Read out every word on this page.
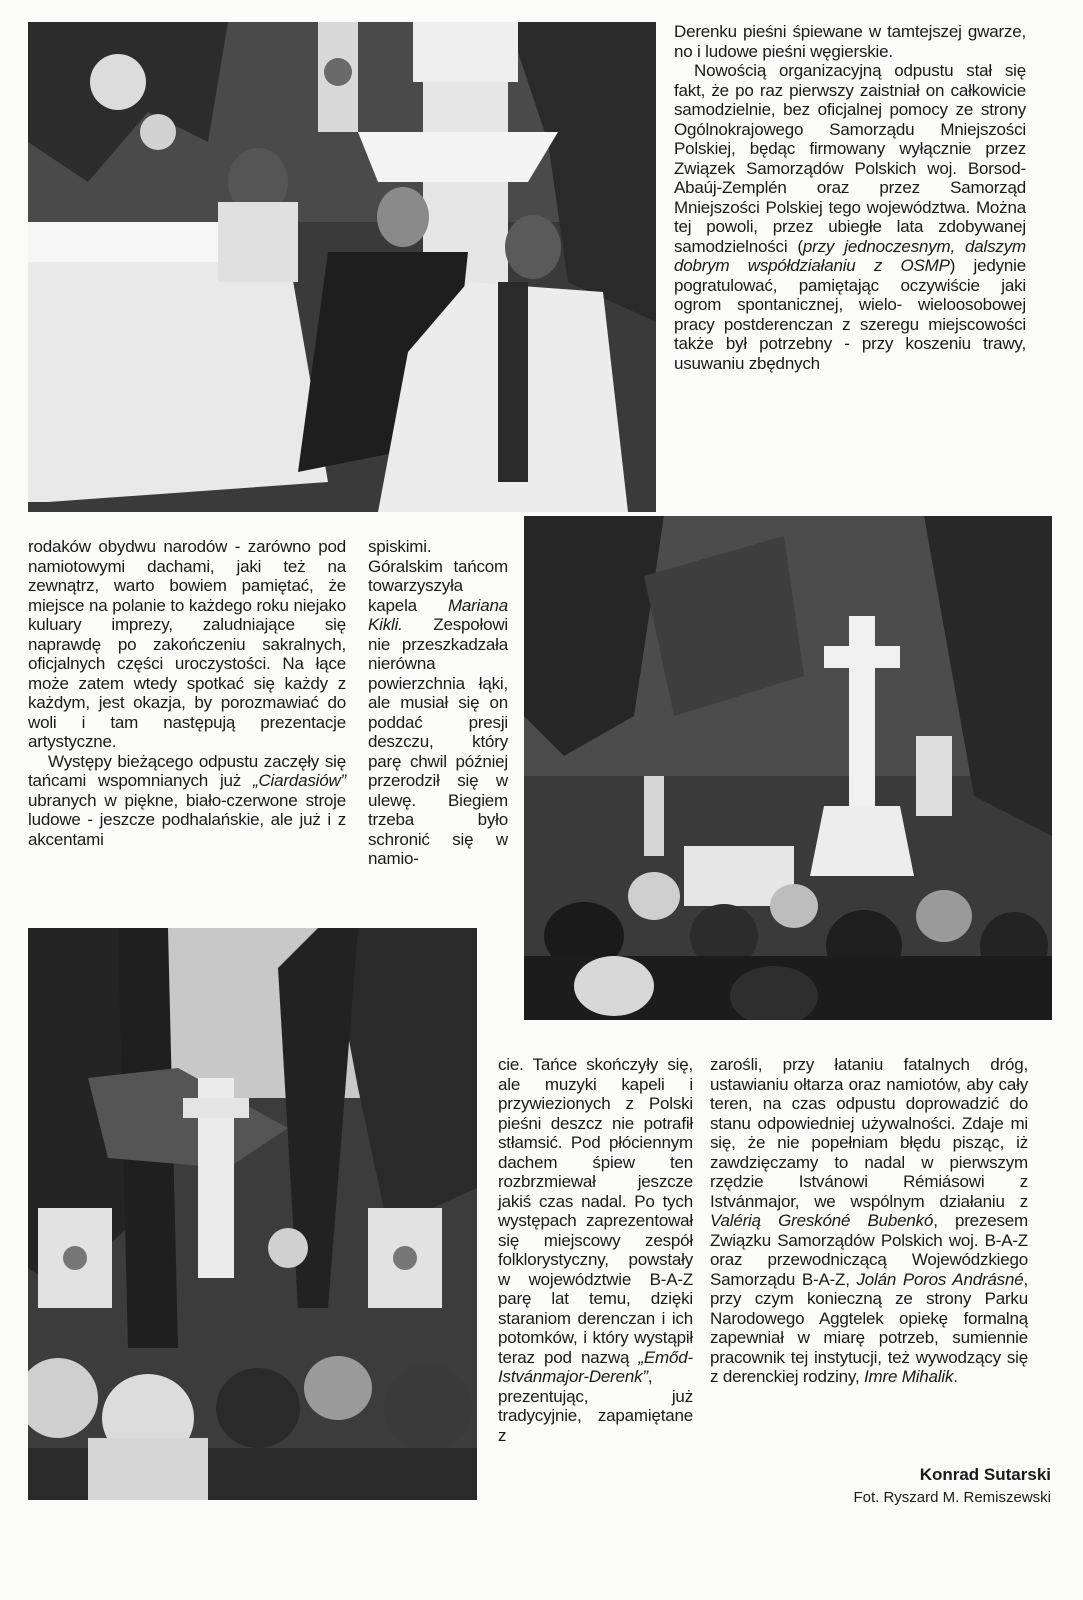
Derenku pieśni śpiewane w tamtejszej gwarze, no i ludowe pieśni węgierskie.

Nowością organizacyjną odpustu stał się fakt, że po raz pierwszy zaistniał on całkowicie samodzielnie, bez oficjalnej pomocy ze strony Ogólnokrajowego Samorządu Mniejszości Polskiej, będąc firmowany wyłącznie przez Związek Samorządów Polskich woj. Borsod-Abaúj-Zemplén oraz przez Samorząd Mniejszości Polskiej tego województwa. Można tej powoli, przez ubiegłe lata zdobywanej samodzielności (przy jednoczesnym, dalszym dobrym współdziałaniu z OSMP) jedynie pogratulować, pamiętając oczywiście jaki ogrom spontanicznej, wielo- wieloosobowej pracy postderenczan z szeregu miejscowości także był potrzebny - przy koszeniu trawy, usuwaniu zbędnych

rodaków obydwu narodów - zarówno pod namiotowymi dachami, jaki też na zewnątrz, warto bowiem pamiętać, że miejsce na polanie to każdego roku niejako kuluary imprezy, zaludniające się naprawdę po zakończeniu sakralnych, oficjalnych części uroczystości. Na łące może zatem wtedy spotkać się każdy z każdym, jest okazja, by porozmawiać do woli i tam następują prezentacje artystyczne.

Występy bieżącego odpustu zaczęły się tańcami wspomnianych już „Ciardasiów” ubranych w piękne, biało-czerwone stroje ludowe - jeszcze podhalańskie, ale już i z akcentami

spiskimi. Góralskim tańcom towarzyszyła kapela Mariana Kikli. Zespołowi nie przeszkadzała nierówna powierzchnia łąki, ale musiał się on poddać presji deszczu, który parę chwil później przerodził się w ulewę. Biegiem trzeba było schronić się w namio-

cie. Tańce skończyły się, ale muzyki kapeli i przywiezionych z Polski pieśni deszcz nie potrafił stłamsić. Pod płóciennym dachem śpiew ten rozbrzmiewał jeszcze jakiś czas nadal. Po tych występach zaprezentował się miejscowy zespół folklorystyczny, powstały w województwie B-A-Z parę lat temu, dzięki staraniom derenczan i ich potomków, i który wystąpił teraz pod nazwą „Emőd-Istvánmajor-Derenk”, prezentując, już tradycyjnie, zapamiętane z

zarośli, przy łataniu fatalnych dróg, ustawianiu ołtarza oraz namiotów, aby cały teren, na czas odpustu doprowadzić do stanu odpowiedniej używalności. Zdaje mi się, że nie popełniam błędu pisząc, iż zawdzięczamy to nadal w pierwszym rzędzie Istvánowi Rémiásowi z Istvánmajor, we wspólnym działaniu z Valérią Greskóné Bubenkó, prezesem Związku Samorządów Polskich woj. B-A-Z oraz przewodniczącą Wojewódzkiego Samorządu B-A-Z, Jolán Poros Andrásné, przy czym konieczną ze strony Parku Narodowego Aggtelek opiekę formalną zapewniał w miarę potrzeb, sumiennie pracownik tej instytucji, też wywodzący się z derenckiej rodziny, Imre Mihalik.

Konrad Sutarski
Fot. Ryszard M. Remiszewski
